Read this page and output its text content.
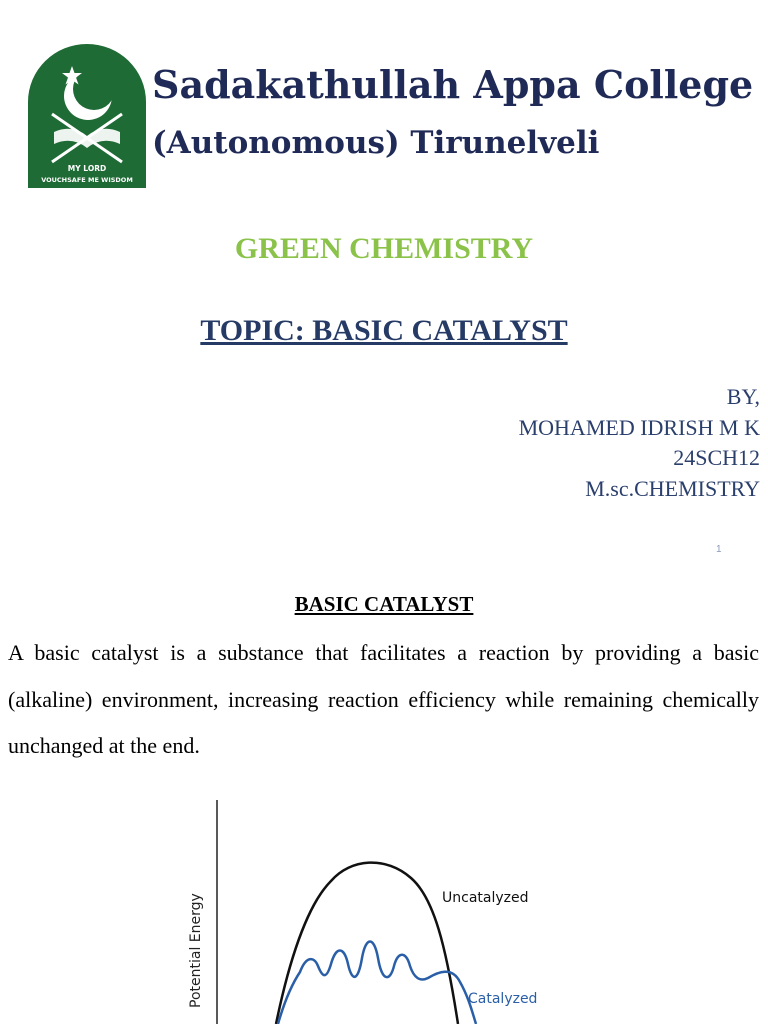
MY LORD
VOUCHSAFE ME WISDOM
Sadakathullah Appa College
(Autonomous) Tirunelveli
GREEN CHEMISTRY
TOPIC: BASIC CATALYST
BY,
MOHAMED IDRISH M K
24SCH12
M.sc.CHEMISTRY
1
BASIC CATALYST

A basic catalyst is a substance that facilitates a reaction by providing a basic (alkaline) environment, increasing reaction efficiency while remaining chemically unchanged at the end.

Potential Energy	Uncatalyzed
Catalyzed
